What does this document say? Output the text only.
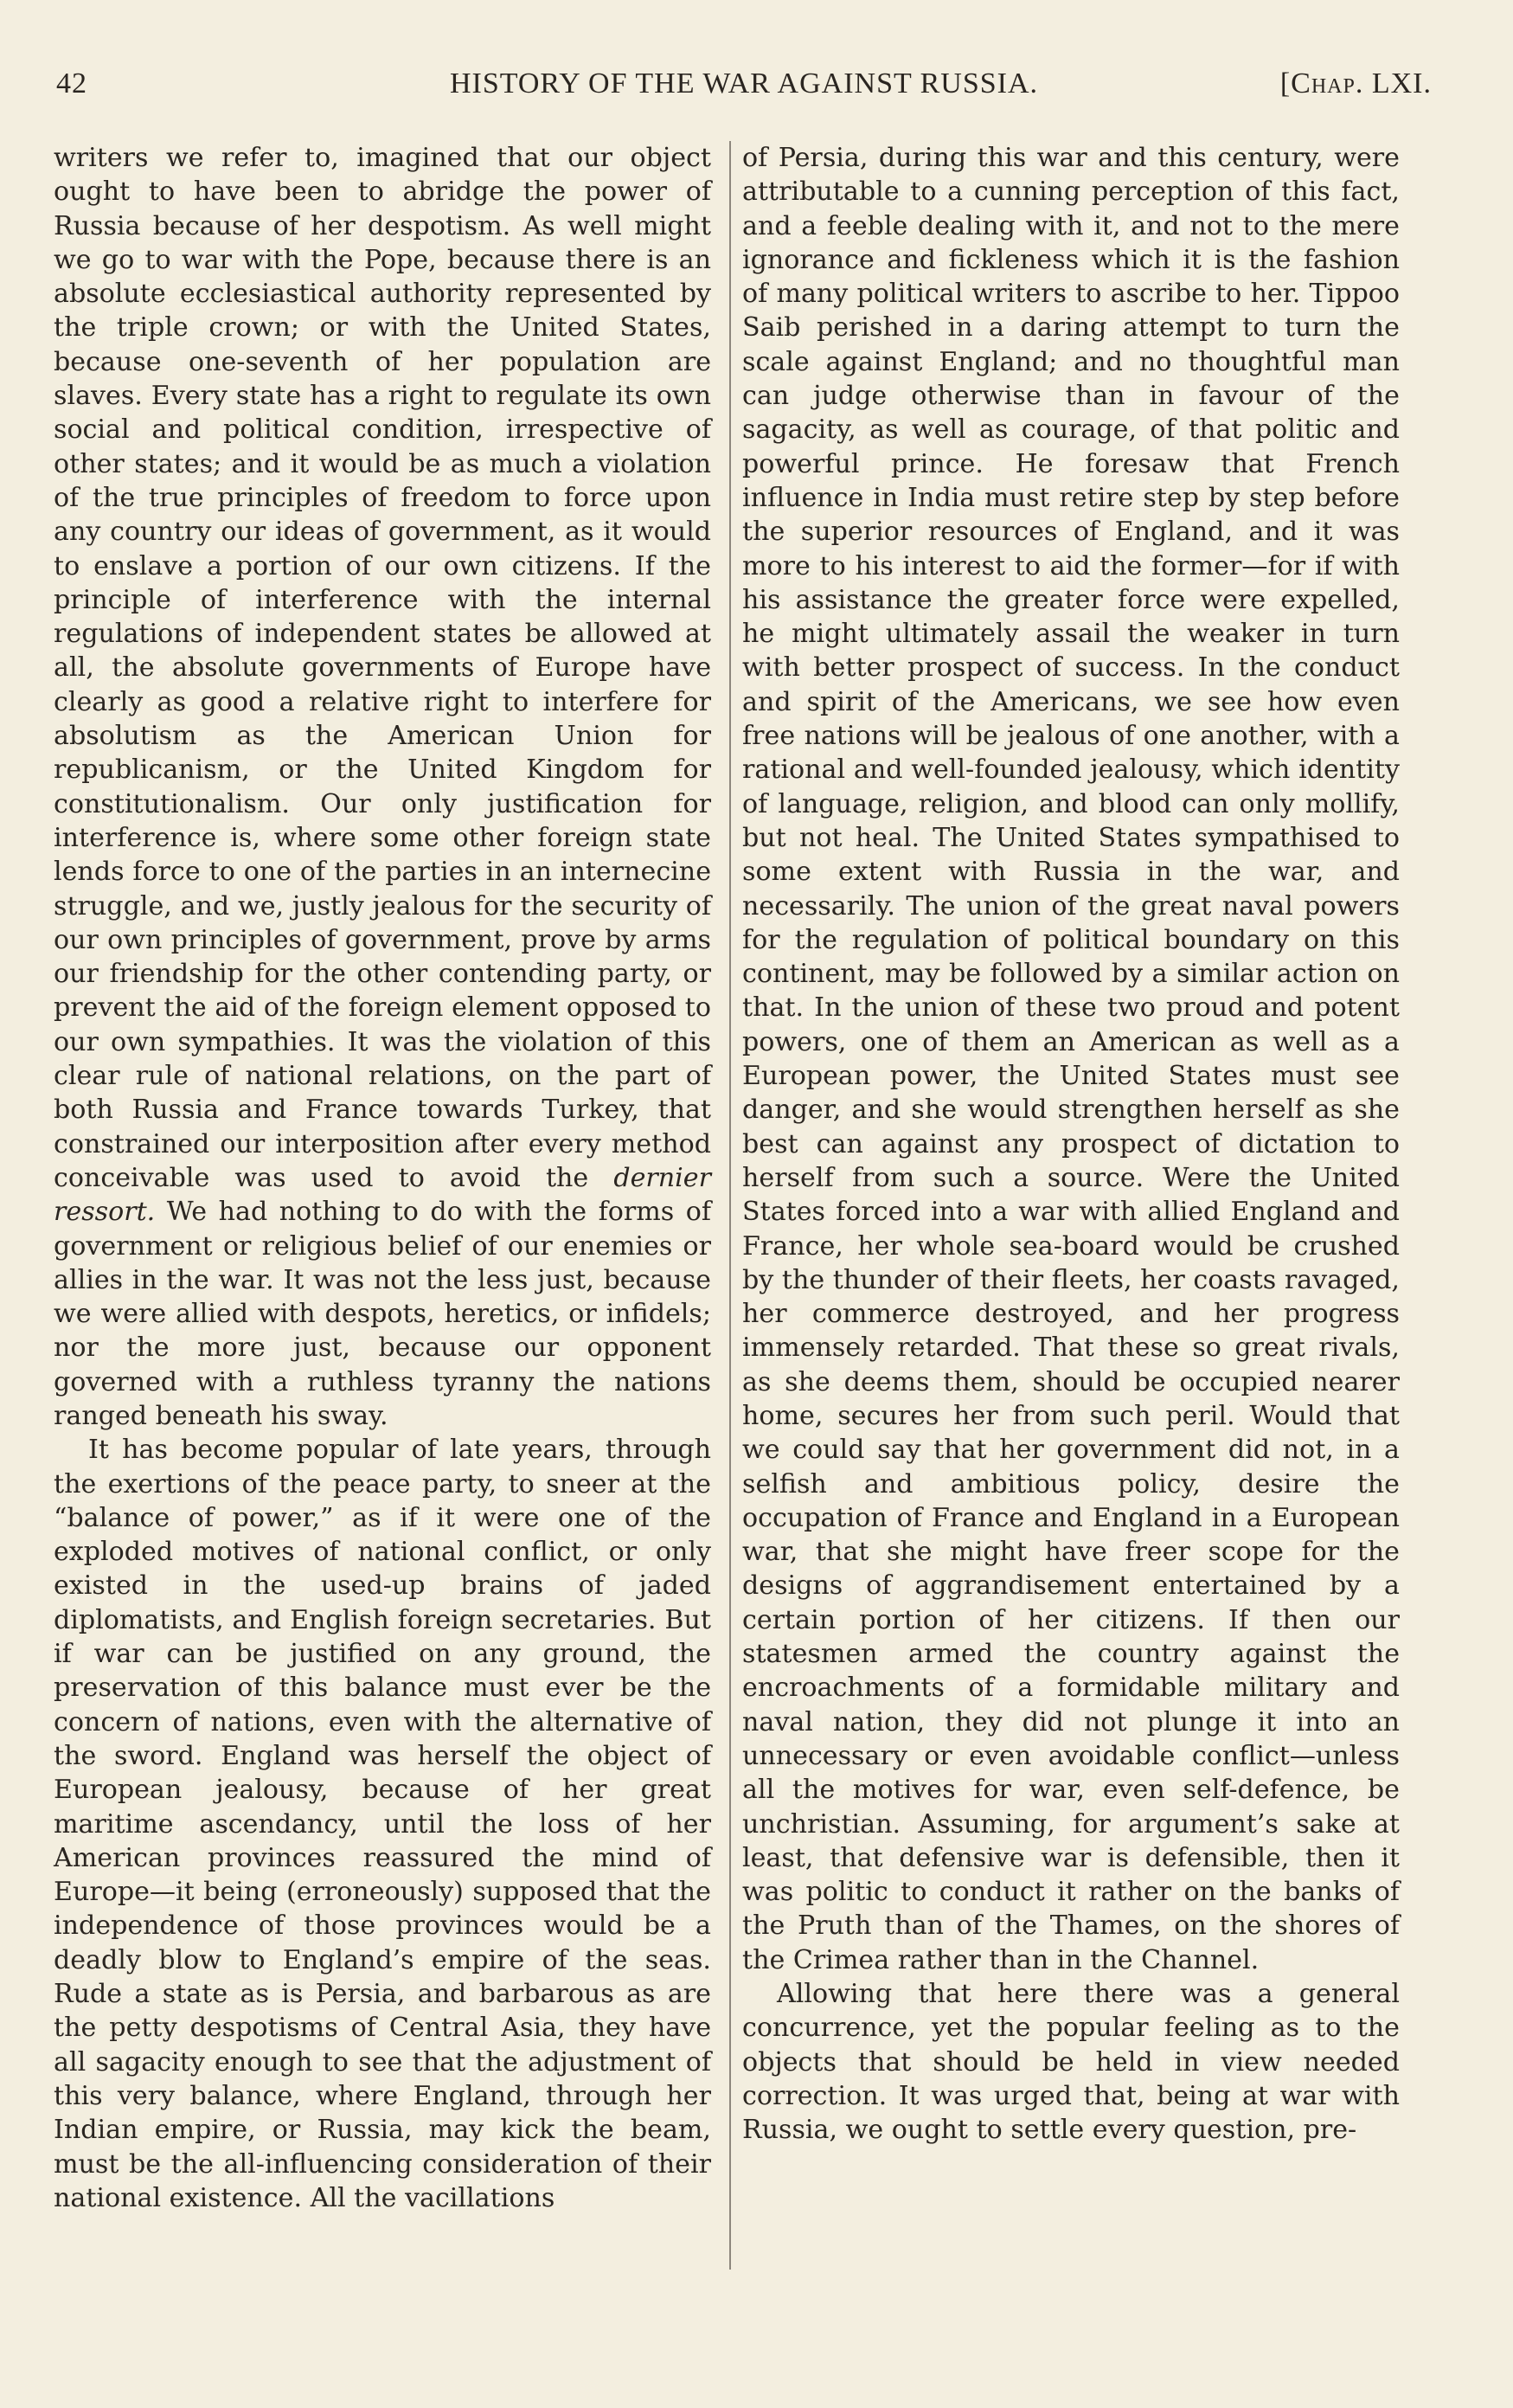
42	HISTORY OF THE WAR AGAINST RUSSIA.	[Chap. LXI.

writers we refer to, imagined that our object ought to have been to abridge the power of Russia because of her despotism. As well might we go to war with the Pope, because there is an absolute ecclesiastical authority represented by the triple crown; or with the United States, because one-seventh of her population are slaves. Every state has a right to regulate its own social and political condition, irrespective of other states; and it would be as much a violation of the true principles of freedom to force upon any country our ideas of government, as it would to enslave a portion of our own citizens. If the principle of interference with the internal regulations of independent states be allowed at all, the absolute governments of Europe have clearly as good a relative right to interfere for absolutism as the American Union for republicanism, or the United Kingdom for constitutionalism. Our only justification for interference is, where some other foreign state lends force to one of the parties in an internecine struggle, and we, justly jealous for the security of our own principles of government, prove by arms our friendship for the other contending party, or prevent the aid of the foreign element opposed to our own sympathies. It was the violation of this clear rule of national relations, on the part of both Russia and France towards Turkey, that constrained our interposition after every method conceivable was used to avoid the dernier ressort. We had nothing to do with the forms of government or religious belief of our enemies or allies in the war. It was not the less just, because we were allied with despots, heretics, or infidels; nor the more just, because our opponent governed with a ruthless tyranny the nations ranged beneath his sway.

It has become popular of late years, through the exertions of the peace party, to sneer at the “balance of power,” as if it were one of the exploded motives of national conflict, or only existed in the used-up brains of jaded diplomatists, and English foreign secretaries. But if war can be justified on any ground, the preservation of this balance must ever be the concern of nations, even with the alternative of the sword. England was herself the object of European jealousy, because of her great maritime ascendancy, until the loss of her American provinces reassured the mind of Europe—it being (erroneously) supposed that the independence of those provinces would be a deadly blow to England’s empire of the seas. Rude a state as is Persia, and barbarous as are the petty despotisms of Central Asia, they have all sagacity enough to see that the adjustment of this very balance, where England, through her Indian empire, or Russia, may kick the beam, must be the all-influencing consideration of their national existence. All the vacillations

of Persia, during this war and this century, were attributable to a cunning perception of this fact, and a feeble dealing with it, and not to the mere ignorance and fickleness which it is the fashion of many political writers to ascribe to her. Tippoo Saib perished in a daring attempt to turn the scale against England; and no thoughtful man can judge otherwise than in favour of the sagacity, as well as courage, of that politic and powerful prince. He foresaw that French influence in India must retire step by step before the superior resources of England, and it was more to his interest to aid the former—for if with his assistance the greater force were expelled, he might ultimately assail the weaker in turn with better prospect of success. In the conduct and spirit of the Americans, we see how even free nations will be jealous of one another, with a rational and well-founded jealousy, which identity of language, religion, and blood can only mollify, but not heal. The United States sympathised to some extent with Russia in the war, and necessarily. The union of the great naval powers for the regulation of political boundary on this continent, may be followed by a similar action on that. In the union of these two proud and potent powers, one of them an American as well as a European power, the United States must see danger, and she would strengthen herself as she best can against any prospect of dictation to herself from such a source. Were the United States forced into a war with allied England and France, her whole sea-board would be crushed by the thunder of their fleets, her coasts ravaged, her commerce destroyed, and her progress immensely retarded. That these so great rivals, as she deems them, should be occupied nearer home, secures her from such peril. Would that we could say that her government did not, in a selfish and ambitious policy, desire the occupation of France and England in a European war, that she might have freer scope for the designs of aggrandisement entertained by a certain portion of her citizens. If then our statesmen armed the country against the encroachments of a formidable military and naval nation, they did not plunge it into an unnecessary or even avoidable conflict—unless all the motives for war, even self-defence, be unchristian. Assuming, for argument’s sake at least, that defensive war is defensible, then it was politic to conduct it rather on the banks of the Pruth than of the Thames, on the shores of the Crimea rather than in the Channel.

Allowing that here there was a general concurrence, yet the popular feeling as to the objects that should be held in view needed correction. It was urged that, being at war with Russia, we ought to settle every question, pre-
